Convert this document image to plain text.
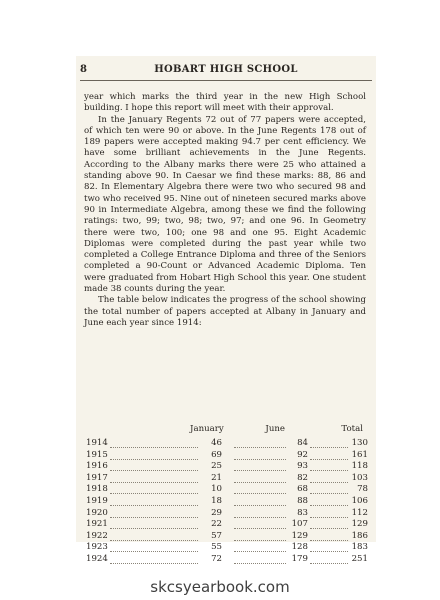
8	HOBART HIGH SCHOOL

year which marks the third year in the new High School building. I hope this report will meet with their approval.

In the January Regents 72 out of 77 papers were accepted, of which ten were 90 or above. In the June Regents 178 out of 189 papers were accepted making 94.7 per cent efficiency. We have some brilliant achievements in the June Regents. According to the Albany marks there were 25 who attained a standing above 90. In Caesar we find these marks: 88, 86 and 82. In Elementary Algebra there were two who secured 98 and two who received 95. Nine out of nineteen secured marks above 90 in Intermediate Algebra, among these we find the following ratings: two, 99; two, 98; two, 97; and one 96. In Geometry there were two, 100; one 98 and one 95. Eight Academic Diplomas were completed during the past year while two completed a College Entrance Diploma and three of the Seniors completed a 90-Count or Advanced Academic Diploma. Ten were graduated from Hobart High School this year. One student made 38 counts during the year.

The table below indicates the progress of the school showing the total number of papers accepted at Albany in January and June each year since 1914:

January	June	Total
1914	46	84	130
1915	69	92	161
1916	25	93	118
1917	21	82	103
1918	10	68	78
1919	18	88	106
1920	29	83	112
1921	22	107	129
1922	57	129	186
1923	55	128	183
1924	72	179	251
skcsyearbook.com
